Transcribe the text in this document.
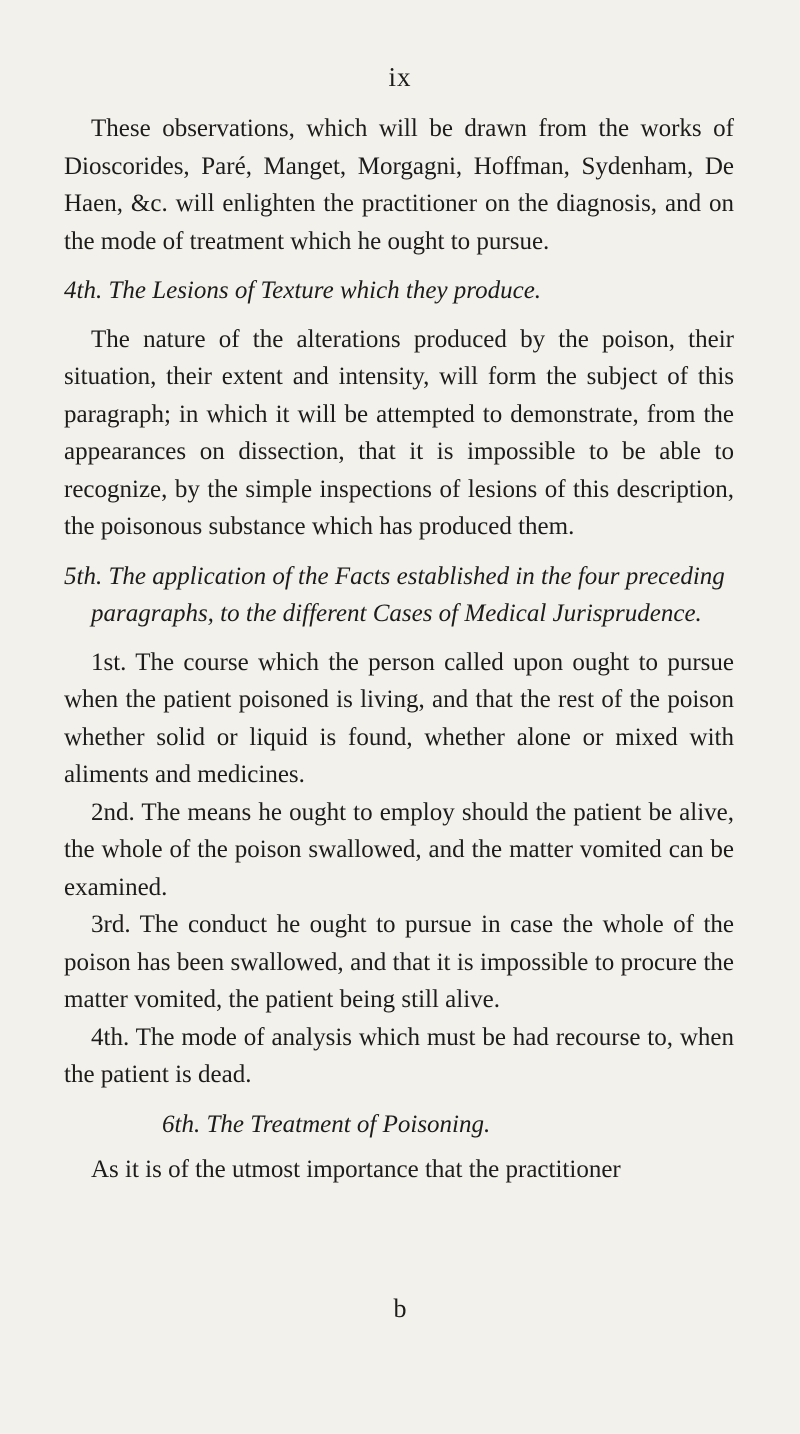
ix

These observations, which will be drawn from the works of Dioscorides, Paré, Manget, Morgagni, Hoffman, Sydenham, De Haen, &c. will enlighten the practitioner on the diagnosis, and on the mode of treatment which he ought to pursue.

4th. The Lesions of Texture which they produce.

The nature of the alterations produced by the poison, their situation, their extent and intensity, will form the subject of this paragraph; in which it will be attempted to demonstrate, from the appearances on dissection, that it is impossible to be able to recognize, by the simple inspections of lesions of this description, the poisonous substance which has produced them.

5th. The application of the Facts established in the four preceding paragraphs, to the different Cases of Medical Jurisprudence.

1st. The course which the person called upon ought to pursue when the patient poisoned is living, and that the rest of the poison whether solid or liquid is found, whether alone or mixed with aliments and medicines.

2nd. The means he ought to employ should the patient be alive, the whole of the poison swallowed, and the matter vomited can be examined.

3rd. The conduct he ought to pursue in case the whole of the poison has been swallowed, and that it is impossible to procure the matter vomited, the patient being still alive.

4th. The mode of analysis which must be had recourse to, when the patient is dead.

6th. The Treatment of Poisoning.

As it is of the utmost importance that the practitioner

b
